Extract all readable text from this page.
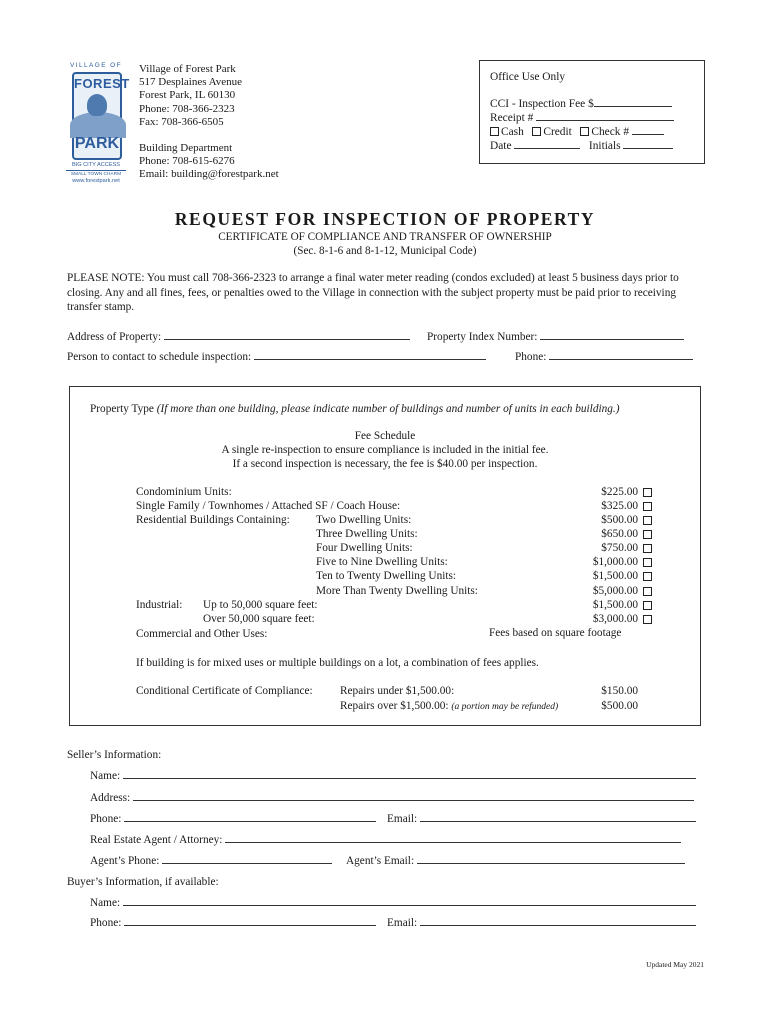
VILLAGE OF
FOREST
PARK
BIG CITY ACCESS
SMALL TOWN CHARM
www.forestpark.net
Village of Forest Park
517 Desplaines Avenue
Forest Park, IL 60130
Phone: 708-366-2323
Fax: 708-366-6505
Building Department
Phone: 708-615-6276
Email: building@forestpark.net
Office Use Only
CCI - Inspection Fee $
Receipt #
Cash Credit Check #
Date	Initials
REQUEST FOR INSPECTION OF PROPERTY
CERTIFICATE OF COMPLIANCE AND TRANSFER OF OWNERSHIP
(Sec. 8-1-6 and 8-1-12, Municipal Code)
PLEASE NOTE: You must call 708-366-2323 to arrange a final water meter reading (condos excluded) at least 5 business days prior to closing. Any and all fines, fees, or penalties owed to the Village in connection with the subject property must be paid prior to receiving transfer stamp.
Address of Property:	Property Index Number:
Person to contact to schedule inspection:	Phone:
Property Type (If more than one building, please indicate number of buildings and number of units in each building.)
Fee Schedule
A single re-inspection to ensure compliance is included in the initial fee.
If a second inspection is necessary, the fee is $40.00 per inspection.
Condominium Units:	$225.00
Single Family / Townhomes / Attached SF / Coach House:	$325.00
Residential Buildings Containing: Two Dwelling Units:	$500.00
Three Dwelling Units:	$650.00
Four Dwelling Units:	$750.00
Five to Nine Dwelling Units:	$1,000.00
Ten to Twenty Dwelling Units:	$1,500.00
More Than Twenty Dwelling Units:	$5,000.00
Industrial: Up to 50,000 square feet:	$1,500.00
Over 50,000 square feet:	$3,000.00
Commercial and Other Uses:	Fees based on square footage
If building is for mixed uses or multiple buildings on a lot, a combination of fees applies.
Conditional Certificate of Compliance: Repairs under $1,500.00:	$150.00
Repairs over $1,500.00: (a portion may be refunded)	$500.00
Seller’s Information:
Name:
Address:
Phone:	Email:
Real Estate Agent / Attorney:
Agent’s Phone:	Agent’s Email:
Buyer’s Information, if available:
Name:
Phone:	Email:
Updated May 2021
